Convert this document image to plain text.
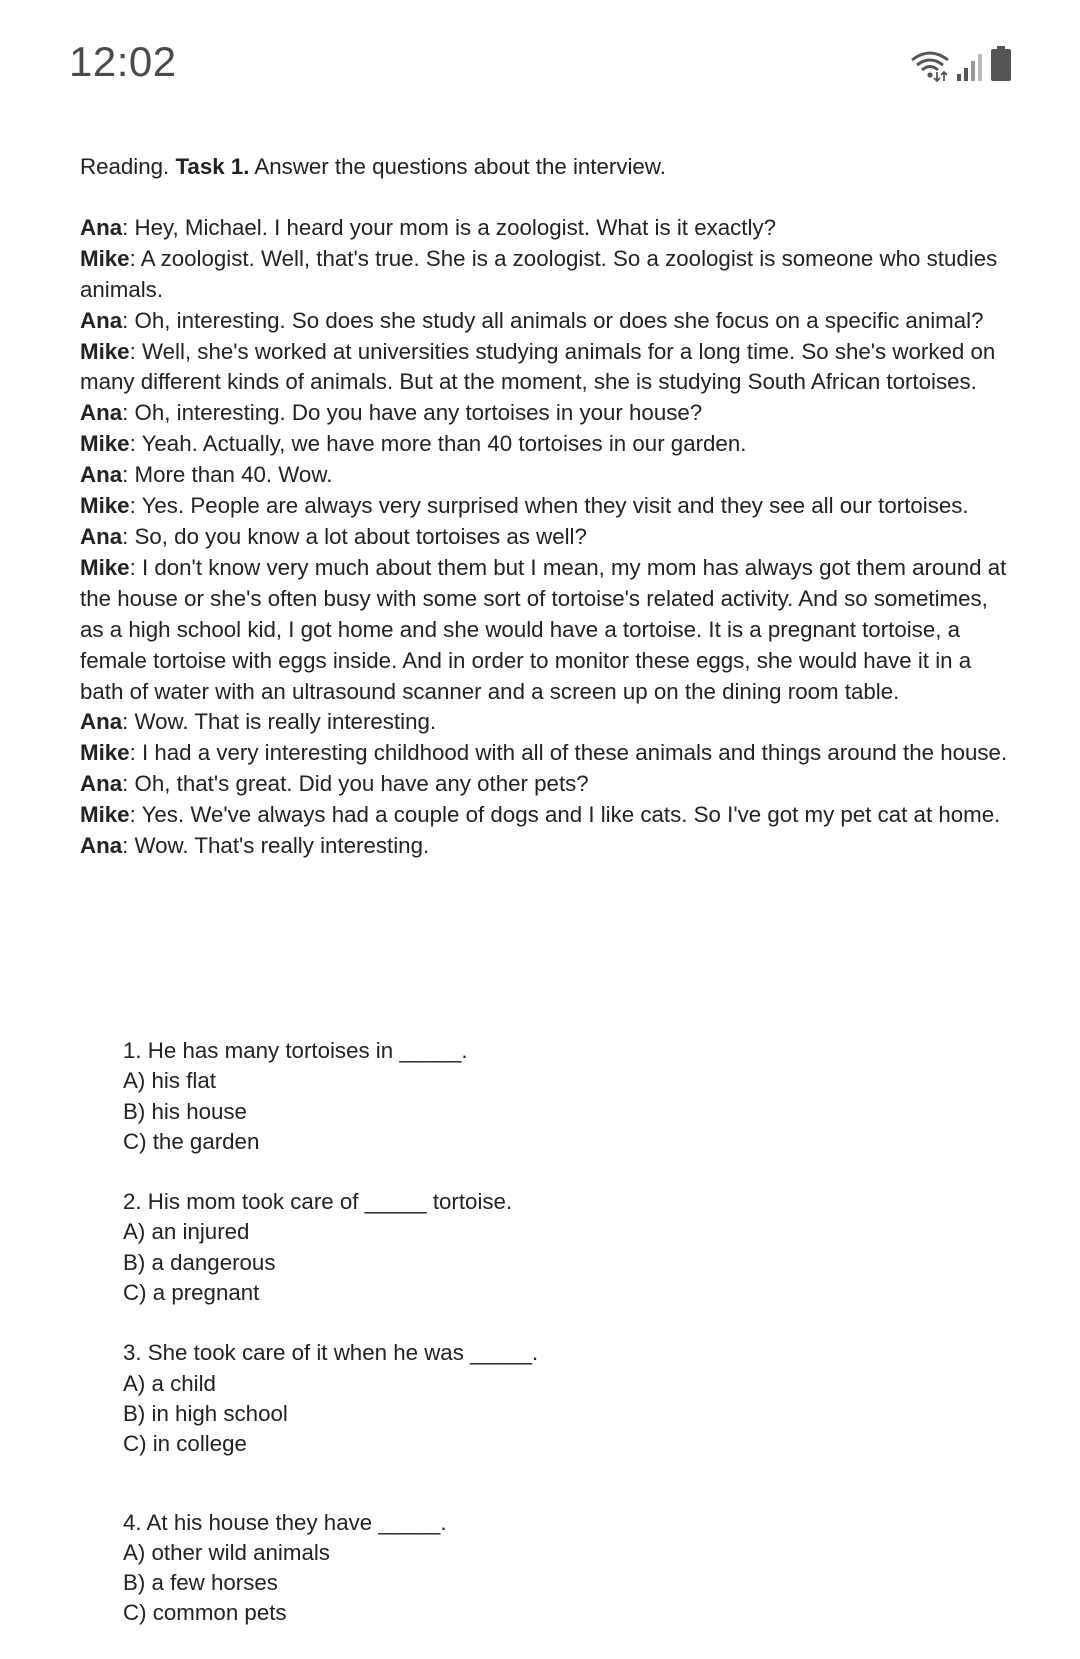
12:02

Reading. Task 1. Answer the questions about the interview.

Ana: Hey, Michael. I heard your mom is a zoologist. What is it exactly?

Mike: A zoologist. Well, that's true. She is a zoologist. So a zoologist is someone who studies animals.

Ana: Oh, interesting. So does she study all animals or does she focus on a specific animal?

Mike: Well, she's worked at universities studying animals for a long time. So she's worked on many different kinds of animals. But at the moment, she is studying South African tortoises.

Ana: Oh, interesting. Do you have any tortoises in your house?

Mike: Yeah. Actually, we have more than 40 tortoises in our garden.

Ana: More than 40. Wow.

Mike: Yes. People are always very surprised when they visit and they see all our tortoises.

Ana: So, do you know a lot about tortoises as well?

Mike: I don't know very much about them but I mean, my mom has always got them around at the house or she's often busy with some sort of tortoise's related activity. And so sometimes, as a high school kid, I got home and she would have a tortoise. It is a pregnant tortoise, a female tortoise with eggs inside. And in order to monitor these eggs, she would have it in a bath of water with an ultrasound scanner and a screen up on the dining room table.

Ana: Wow. That is really interesting.

Mike: I had a very interesting childhood with all of these animals and things around the house.

Ana: Oh, that's great. Did you have any other pets?

Mike: Yes. We've always had a couple of dogs and I like cats. So I've got my pet cat at home.

Ana: Wow. That's really interesting.

1. He has many tortoises in _____.
A) his flat
B) his house
C) the garden
2. His mom took care of _____ tortoise.
A) an injured
B) a dangerous
C) a pregnant
3. She took care of it when he was _____.
A) a child
B) in high school
C) in college
4. At his house they have _____.
A) other wild animals
B) a few horses
C) common pets
